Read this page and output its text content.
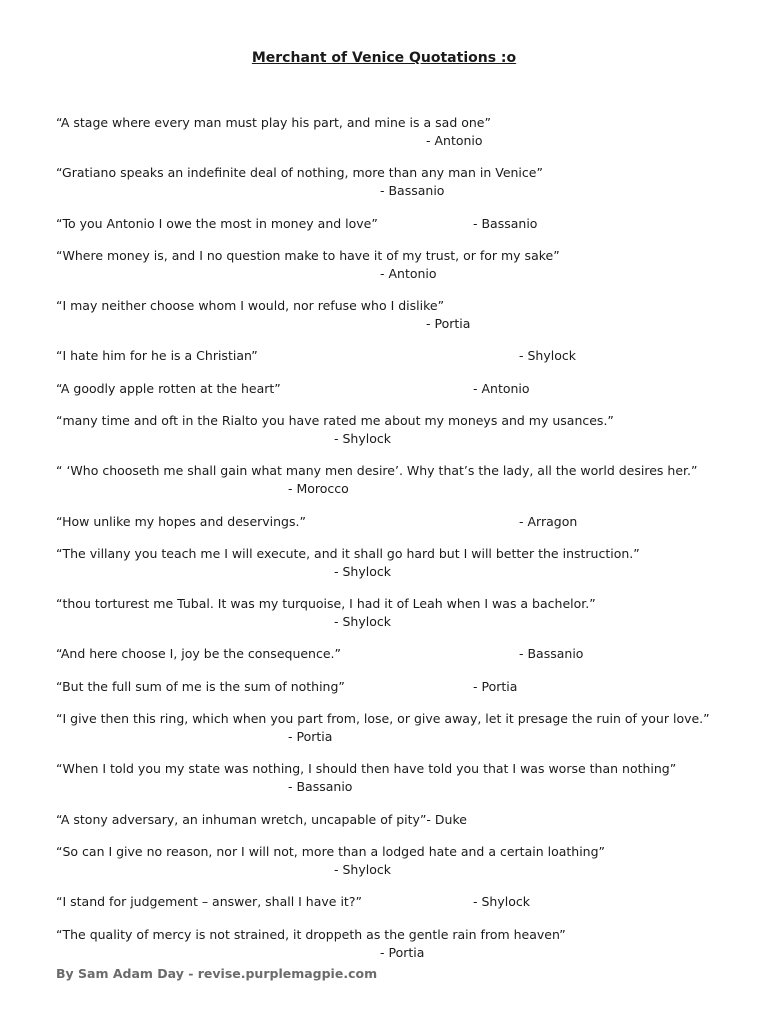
Merchant of Venice Quotations :o
“A stage where every man must play his part, and mine is a sad one”
- Antonio
“Gratiano speaks an indefinite deal of nothing, more than any man in Venice”
- Bassanio
“To you Antonio I owe the most in money and love”	- Bassanio
“Where money is, and I no question make to have it of my trust, or for my sake”
- Antonio
“I may neither choose whom I would, nor refuse who I dislike”
- Portia
“I hate him for he is a Christian”	- Shylock
“A goodly apple rotten at the heart”	- Antonio
“many time and oft in the Rialto you have rated me about my moneys and my usances.”
- Shylock
“ ‘Who chooseth me shall gain what many men desire’. Why that’s the lady, all the world desires her.”
- Morocco
“How unlike my hopes and deservings.”	- Arragon
“The villany you teach me I will execute, and it shall go hard but I will better the instruction.”
- Shylock
“thou torturest me Tubal. It was my turquoise, I had it of Leah when I was a bachelor.”
- Shylock
“And here choose I, joy be the consequence.”	- Bassanio
“But the full sum of me is the sum of nothing”	- Portia
“I give then this ring, which when you part from, lose, or give away, let it presage the ruin of your love.”
- Portia
“When I told you my state was nothing, I should then have told you that I was worse than nothing”
- Bassanio
“A stony adversary, an inhuman wretch, uncapable of pity”- Duke
“So can I give no reason, nor I will not, more than a lodged hate and a certain loathing”
- Shylock
“I stand for judgement – answer, shall I have it?”	- Shylock
“The quality of mercy is not strained, it droppeth as the gentle rain from heaven”
- Portia
By Sam Adam Day - revise.purplemagpie.com
